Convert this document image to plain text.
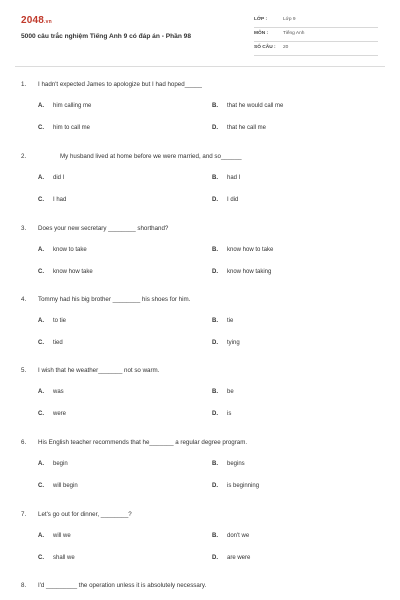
2048.vn
5000 câu trắc nghiệm Tiếng Anh 9 có đáp án - Phần 98
LỚP :	Lớp 9
MÔN :	Tiếng Anh
SỐ CÂU : 20
1. I hadn't expected James to apologize but I had hoped_____
A. him calling me	B. that he would call me
C. him to call me	D. that he call me
2.	My husband lived at home before we were married, and so______
A. did I	B. had I
C. I had	D. I did
3. Does your new secretary ________ shorthand?
A. know to take	B. know how to take
C. know how take	D. know how taking
4. Tommy had his big brother ________ his shoes for him.
A. to tie	B. tie
C. tied	D. tying
5. I wish that he weather_______ not so warm.
A. was	B. be
C. were	D. is
6. His English teacher recommends that he_______ a regular degree program.
A. begin	B. begins
C. will begin	D. is beginning
7. Let's go out for dinner, ________?
A. will we	B. don't we
C. shall we	D. are were
8. I'd _________ the operation unless it is absolutely necessary.
